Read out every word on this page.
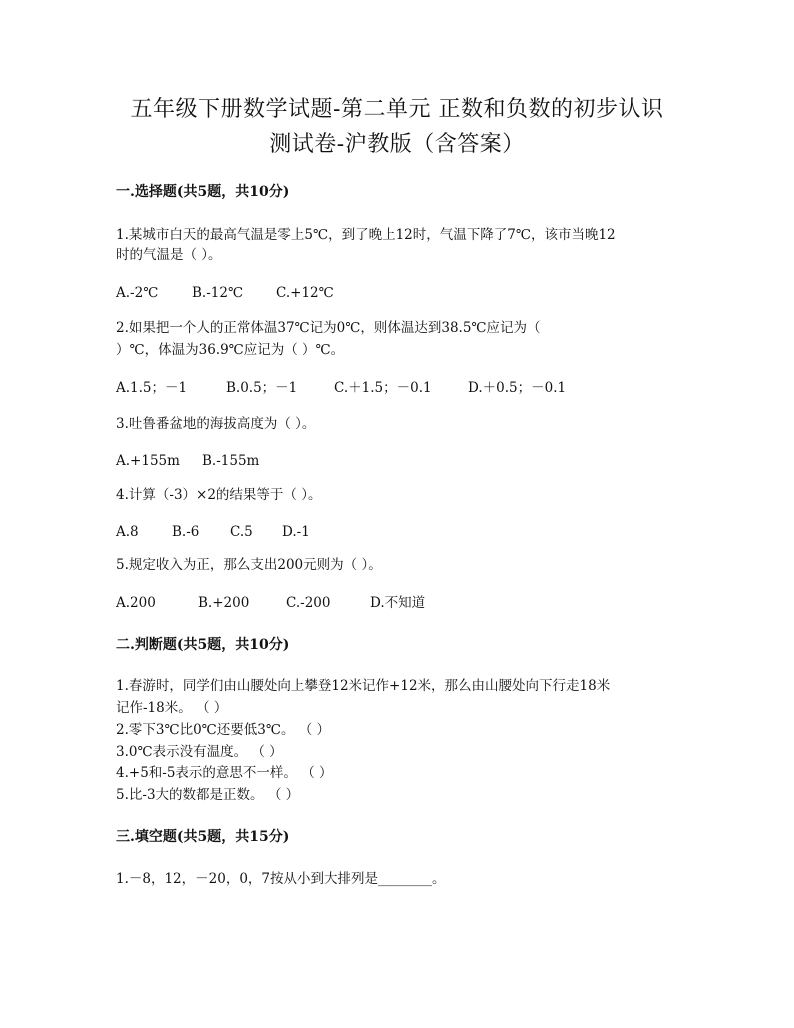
五年级下册数学试题-第二单元 正数和负数的初步认识
测试卷-沪教版（含答案）
一.选择题(共5题，共10分)
1.某城市白天的最高气温是零上5℃，到了晚上12时，气温下降了7℃，该市当晚12
时的气温是（ ）。
A.-2℃ B.-12℃ C.+12℃
2.如果把一个人的正常体温37℃记为0℃，则体温达到38.5℃应记为（
）℃，体温为36.9℃应记为（ ）℃。
A.1.5；－1	B.0.5；－1	C.＋1.5；－0.1	D.＋0.5；－0.1
3.吐鲁番盆地的海拔高度为（ ）。
A.+155m B.-155m
4.计算（-3）×2的结果等于（ ）。
A.8 B.-6 C.5 D.-1
5.规定收入为正，那么支出200元则为（ ）。
A.200	B.+200	C.-200	D.不知道
二.判断题(共5题，共10分)
1.春游时，同学们由山腰处向上攀登12米记作+12米，那么由山腰处向下行走18米
记作-18米。 （ ）
2.零下3℃比0℃还要低3℃。 （ ）
3.0℃表示没有温度。 （ ）
4.+5和-5表示的意思不一样。 （ ）
5.比-3大的数都是正数。 （ ）
三.填空题(共5题，共15分)
1.－8，12，－20，0，7按从小到大排列是________。
